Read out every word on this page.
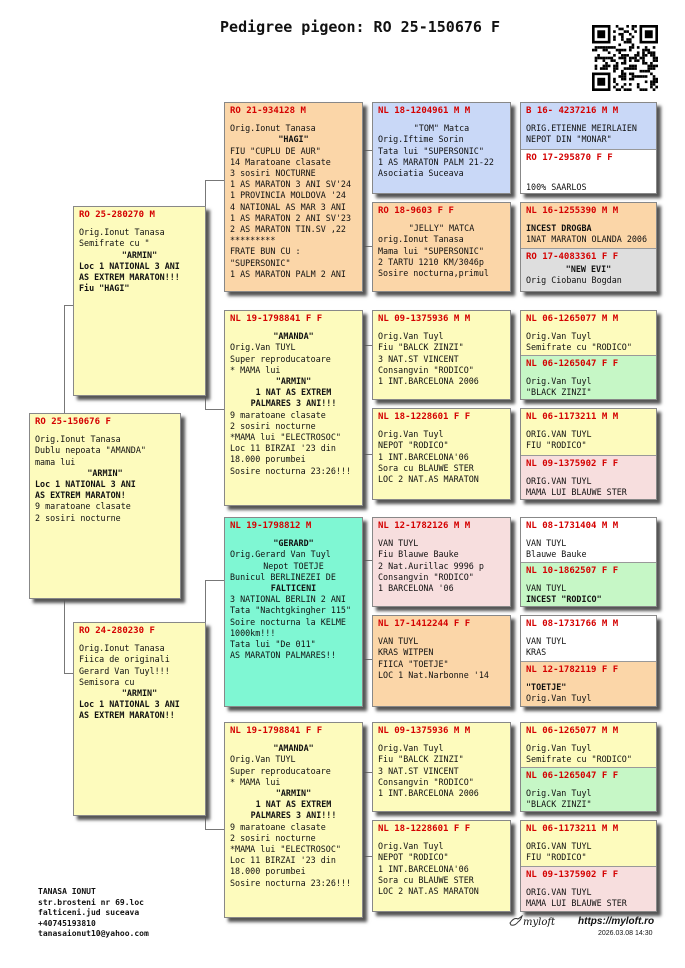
Pedigree pigeon: RO 25-150676 F
RO 25-150676 F
Orig.Ionut Tanasa
Dublu nepoata "AMANDA"
mama lui
"ARMIN"
Loc 1 NATIONAL 3 ANI
AS EXTREM MARATON!
9 maratoane clasate
2 sosiri nocturne
RO 25-280270 M
Orig.Ionut Tanasa
Semifrate cu "
"ARMIN"
Loc 1 NATIONAL 3 ANI
AS EXTREM MARATON!!!
Fiu "HAGI"
RO 24-280230 F
Orig.Ionut Tanasa
Fiica de originali
Gerard Van Tuyl!!!
Semisora cu
"ARMIN"
Loc 1 NATIONAL 3 ANI
AS EXTREM MARATON!!
RO 21-934128 M
Orig.Ionut Tanasa
"HAGI"
FIU "CUPLU DE AUR"
14 Maratoane clasate
3 sosiri NOCTURNE
1 AS MARATON 3 ANI SV'24
1 PROVINCIA MOLDOVA '24
4 NATIONAL AS MAR 3 ANI
1 AS MARATON 2 ANI SV'23
2 AS MARATON TIN.SV ,22
*********
FRATE BUN CU :
"SUPERSONIC"
1 AS MARATON PALM 2 ANI
NL 19-1798841 F F
"AMANDA"
Orig.Van TUYL
Super reproducatoare
* MAMA lui
"ARMIN"
1 NAT AS EXTREM
PALMARES 3 ANI!!!
9 maratoane clasate
2 sosiri nocturne
*MAMA lui "ELECTROSOC"
Loc 11 BIRZAI '23 din
18.000 porumbei
Sosire nocturna 23:26!!!
NL 19-1798812 M
"GERARD"
Orig.Gerard Van Tuyl
Nepot TOETJE
Bunicul BERLINEZEI DE
FALTICENI
3 NATIONAL BERLIN 2 ANI
Tata "Nachtgkingher 115"
Soire nocturna la KELME
1000km!!!
Tata lui "De 011"
AS MARATON PALMARES!!
NL 19-1798841 F F
"AMANDA"
Orig.Van TUYL
Super reproducatoare
* MAMA lui
"ARMIN"
1 NAT AS EXTREM
PALMARES 3 ANI!!!
9 maratoane clasate
2 sosiri nocturne
*MAMA lui "ELECTROSOC"
Loc 11 BIRZAI '23 din
18.000 porumbei
Sosire nocturna 23:26!!!
NL 18-1204961 M M
"TOM" Matca
Orig.Iftime Sorin
Tata lui "SUPERSONIC"
1 AS MARATON PALM 21-22
Asociatia Suceava
RO 18-9603 F F
"JELLY" MATCA
orig.Ionut Tanasa
Mama lui "SUPERSONIC"
2 TARTU 1210 KM/3046p
Sosire nocturna,primul
NL 09-1375936 M M
Orig.Van Tuyl
Fiu "BALCK ZINZI"
3 NAT.ST VINCENT
Consangvin "RODICO"
1 INT.BARCELONA 2006
NL 18-1228601 F F
Orig.Van Tuyl
NEPOT "RODICO"
1 INT.BARCELONA'06
Sora cu BLAUWE STER
LOC 2 NAT.AS MARATON
NL 12-1782126 M M
VAN TUYL
Fiu Blauwe Bauke
2 Nat.Aurillac 9996 p
Consangvin "RODICO"
1 BARCELONA '06
NL 17-1412244 F F
VAN TUYL
KRAS WITPEN
FIICA "TOETJE"
LOC 1 Nat.Narbonne '14
NL 09-1375936 M M
Orig.Van Tuyl
Fiu "BALCK ZINZI"
3 NAT.ST VINCENT
Consangvin "RODICO"
1 INT.BARCELONA 2006
NL 18-1228601 F F
Orig.Van Tuyl
NEPOT "RODICO"
1 INT.BARCELONA'06
Sora cu BLAUWE STER
LOC 2 NAT.AS MARATON
B 16- 4237216 M M
ORIG.ETIENNE MEIRLAIEN
NEPOT DIN "MONAR"
RO 17-295870 F F
100% SAARLOS
NL 16-1255390 M M
INCEST DROGBA
1NAT MARATON OLANDA 2006
RO 17-4083361 F F
"NEW EVI"
Orig Ciobanu Bogdan
NL 06-1265077 M M
Orig.Van Tuyl
Semifrate cu "RODICO"
NL 06-1265047 F F
Orig.Van Tuyl
"BLACK ZINZI"
NL 06-1173211 M M
ORIG.VAN TUYL
FIU "RODICO"
NL 09-1375902 F F
ORIG.VAN TUYL
MAMA LUI BLAUWE STER
NL 08-1731404 M M
VAN TUYL
Blauwe Bauke
NL 10-1862507 F F
VAN TUYL
INCEST "RODICO"
NL 08-1731766 M M
VAN TUYL
KRAS
NL 12-1782119 F F
"TOETJE"
Orig.Van Tuyl
NL 06-1265077 M M
Orig.Van Tuyl
Semifrate cu "RODICO"
NL 06-1265047 F F
Orig.Van Tuyl
"BLACK ZINZI"
NL 06-1173211 M M
ORIG.VAN TUYL
FIU "RODICO"
NL 09-1375902 F F
ORIG.VAN TUYL
MAMA LUI BLAUWE STER
TANASA IONUT
str.brosteni nr 69.loc
falticeni.jud suceava
+40745193810
tanasaionut10@yahoo.com
myloft https://myloft.ro
2026.03.08 14:30
